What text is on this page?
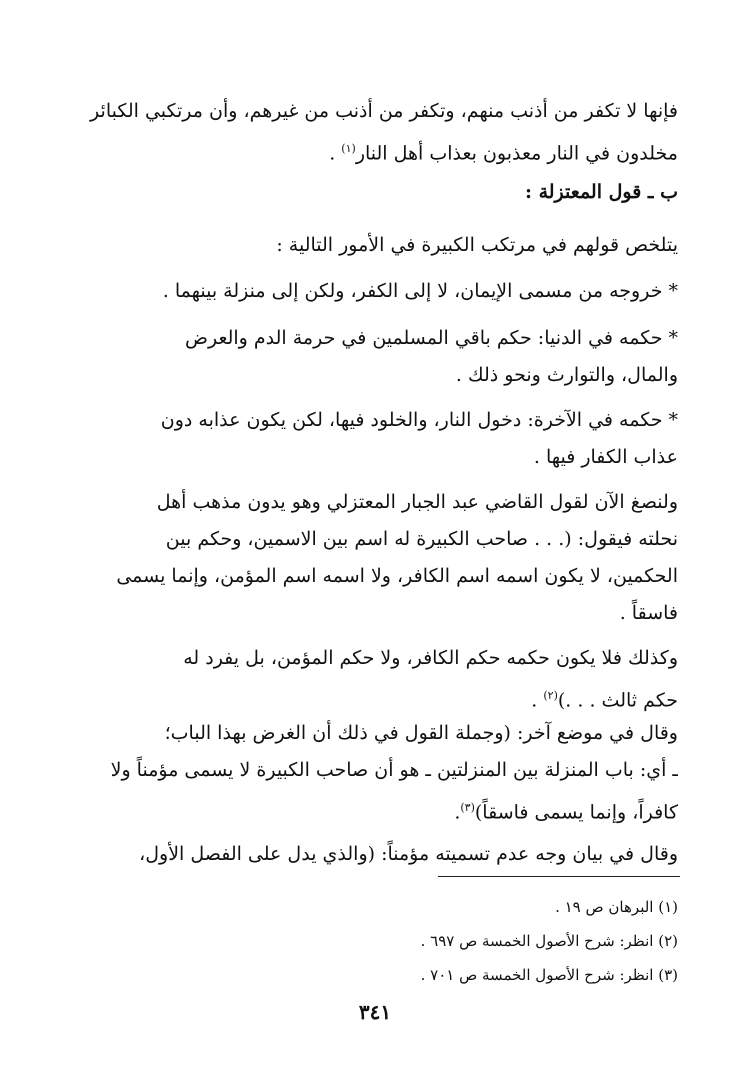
فإنها لا تكفر من أذنب منهم، وتكفر من أذنب من غيرهم، وأن مرتكبي الكبائر
مخلدون في النار معذبون بعذاب أهل النار$^{(١)}$ .
ب ـ قول المعتزلة :
يتلخص قولهم في مرتكب الكبيرة في الأمور التالية :
* خروجه من مسمى الإيمان، لا إلى الكفر، ولكن إلى منزلة بينهما .
* حكمه في الدنيا: حكم باقي المسلمين في حرمة الدم والعرض
والمال، والتوارث ونحو ذلك .
* حكمه في الآخرة: دخول النار، والخلود فيها، لكن يكون عذابه دون
عذاب الكفار فيها .
ولنصغ الآن لقول القاضي عبد الجبار المعتزلي وهو يدون مذهب أهل
نحلته فيقول: (. . . صاحب الكبيرة له اسم بين الاسمين، وحكم بين
الحكمين، لا يكون اسمه اسم الكافر، ولا اسمه اسم المؤمن، وإنما يسمى
فاسقاً .
وكذلك فلا يكون حكمه حكم الكافر، ولا حكم المؤمن، بل يفرد له
حكم ثالث . . .)$^{(٢)}$ .
وقال في موضع آخر: (وجملة القول في ذلك أن الغرض بهذا الباب؛
ـ أي: باب المنزلة بين المنزلتين ـ هو أن صاحب الكبيرة لا يسمى مؤمناً ولا
كافراً، وإنما يسمى فاسقاً)$^{(٣)}$.
وقال في بيان وجه عدم تسميته مؤمناً: (والذي يدل على الفصل الأول،
(١) البرهان ص ١٩ .
(٢) انظر: شرح الأصول الخمسة ص ٦٩٧ .
(٣) انظر: شرح الأصول الخمسة ص ٧٠١ .
٣٤١
